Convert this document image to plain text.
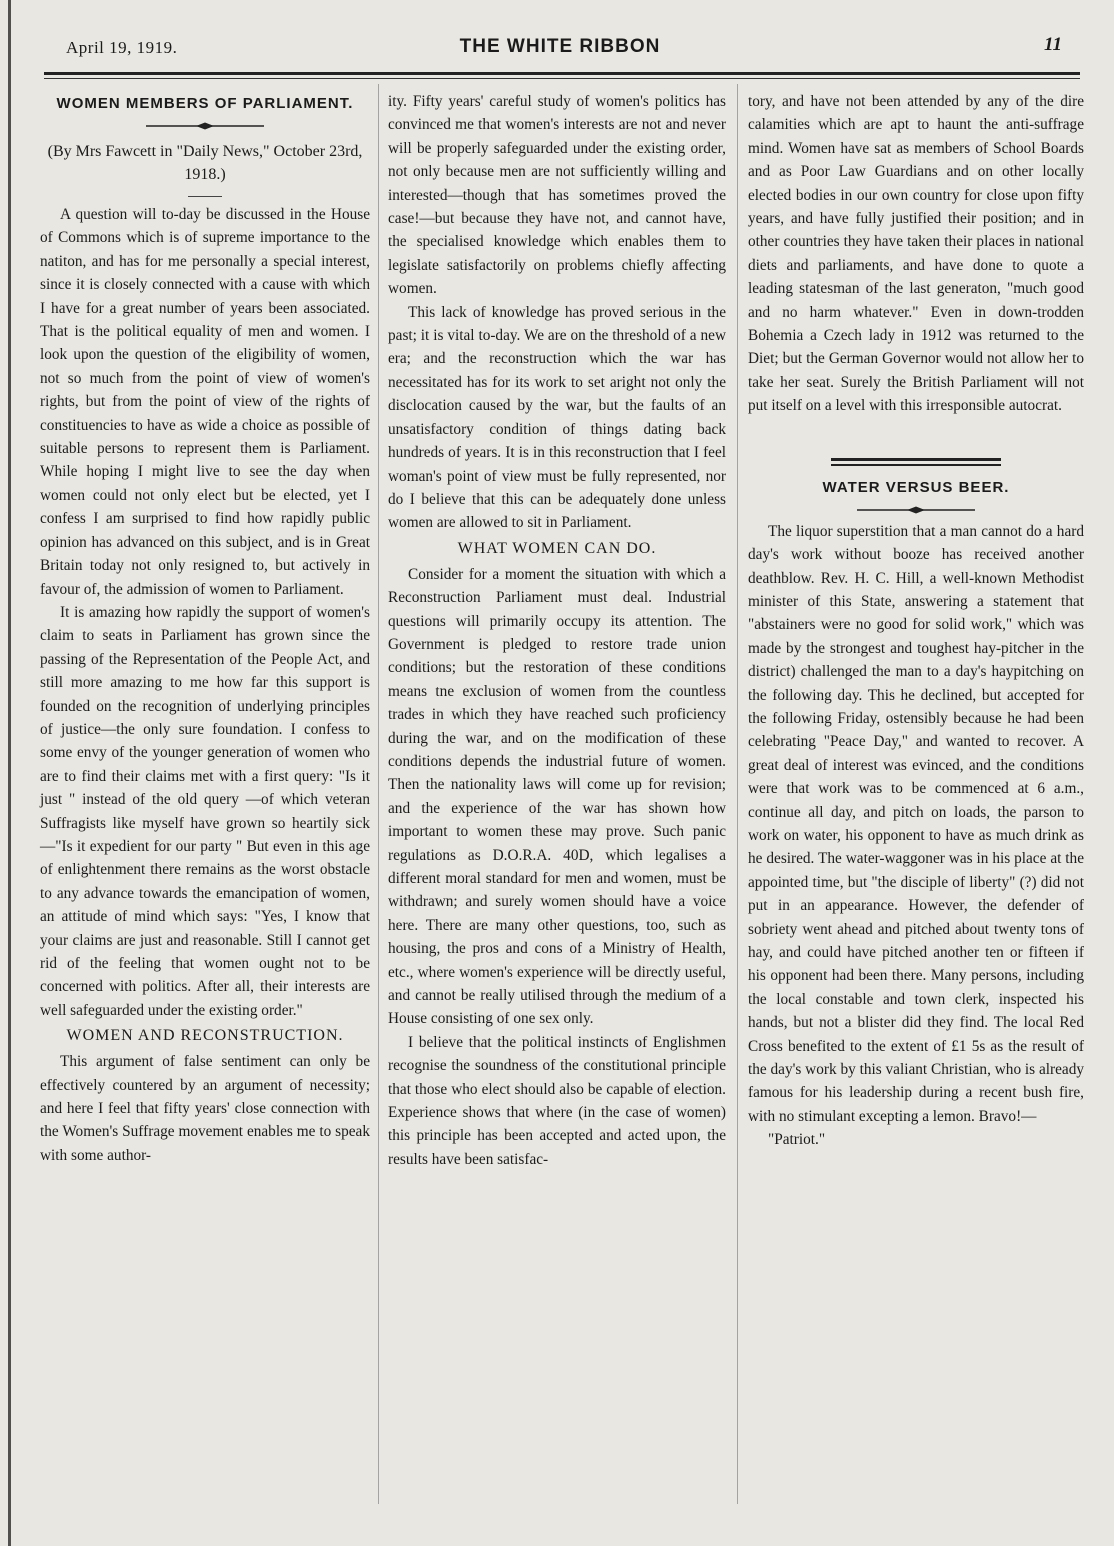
April 19, 1919.	THE WHITE RIBBON	11
WOMEN MEMBERS OF PARLIAMENT.
(By Mrs Fawcett in "Daily News," October 23rd, 1918.)

A question will to-day be discussed in the House of Commons which is of supreme importance to the natiton, and has for me personally a special interest, since it is closely connected with a cause with which I have for a great number of years been associated. That is the political equality of men and women. I look upon the question of the eligibility of women, not so much from the point of view of women's rights, but from the point of view of the rights of constituencies to have as wide a choice as possible of suitable persons to represent them is Parliament. While hoping I might live to see the day when women could not only elect but be elected, yet I confess I am surprised to find how rapidly public opinion has advanced on this subject, and is in Great Britain today not only resigned to, but actively in favour of, the admission of women to Parliament.

It is amazing how rapidly the support of women's claim to seats in Parliament has grown since the passing of the Representation of the People Act, and still more amazing to me how far this support is founded on the recognition of underlying principles of justice—the only sure foundation. I confess to some envy of the younger generation of women who are to find their claims met with a first query: "Is it just " instead of the old query —of which veteran Suffragists like myself have grown so heartily sick—"Is it expedient for our party " But even in this age of enlightenment there remains as the worst obstacle to any advance towards the emancipation of women, an attitude of mind which says: "Yes, I know that your claims are just and reasonable. Still I cannot get rid of the feeling that women ought not to be concerned with politics. After all, their interests are well safeguarded under the existing order."

WOMEN AND RECONSTRUCTION.

This argument of false sentiment can only be effectively countered by an argument of necessity; and here I feel that fifty years' close connection with the Women's Suffrage movement enables me to speak with some author-

ity. Fifty years' careful study of women's politics has convinced me that women's interests are not and never will be properly safeguarded under the existing order, not only because men are not sufficiently willing and interested—though that has sometimes proved the case!—but because they have not, and cannot have, the specialised knowledge which enables them to legislate satisfactorily on problems chiefly affecting women.

This lack of knowledge has proved serious in the past; it is vital to-day. We are on the threshold of a new era; and the reconstruction which the war has necessitated has for its work to set aright not only the disclocation caused by the war, but the faults of an unsatisfactory condition of things dating back hundreds of years. It is in this reconstruction that I feel woman's point of view must be fully represented, nor do I believe that this can be adequately done unless women are allowed to sit in Parliament.

WHAT WOMEN CAN DO.

Consider for a moment the situation with which a Reconstruction Parliament must deal. Industrial questions will primarily occupy its attention. The Government is pledged to restore trade union conditions; but the restoration of these conditions means tne exclusion of women from the countless trades in which they have reached such proficiency during the war, and on the modification of these conditions depends the industrial future of women. Then the nationality laws will come up for revision; and the experience of the war has shown how important to women these may prove. Such panic regulations as D.O.R.A. 40D, which legalises a different moral standard for men and women, must be withdrawn; and surely women should have a voice here. There are many other questions, too, such as housing, the pros and cons of a Ministry of Health, etc., where women's experience will be directly useful, and cannot be really utilised through the medium of a House consisting of one sex only.

I believe that the political instincts of Englishmen recognise the soundness of the constitutional principle that those who elect should also be capable of election. Experience shows that where (in the case of women) this principle has been accepted and acted upon, the results have been satisfac-

tory, and have not been attended by any of the dire calamities which are apt to haunt the anti-suffrage mind. Women have sat as members of School Boards and as Poor Law Guardians and on other locally elected bodies in our own country for close upon fifty years, and have fully justified their position; and in other countries they have taken their places in national diets and parliaments, and have done to quote a leading statesman of the last generaton, "much good and no harm whatever." Even in down-trodden Bohemia a Czech lady in 1912 was returned to the Diet; but the German Governor would not allow her to take her seat. Surely the British Parliament will not put itself on a level with this irresponsible autocrat.

WATER VERSUS BEER.

The liquor superstition that a man cannot do a hard day's work without booze has received another deathblow. Rev. H. C. Hill, a well-known Methodist minister of this State, answering a statement that "abstainers were no good for solid work," which was made by the strongest and toughest hay-pitcher in the district) challenged the man to a day's haypitching on the following day. This he declined, but accepted for the following Friday, ostensibly because he had been celebrating "Peace Day," and wanted to recover. A great deal of interest was evinced, and the conditions were that work was to be commenced at 6 a.m., continue all day, and pitch on loads, the parson to work on water, his opponent to have as much drink as he desired. The water-waggoner was in his place at the appointed time, but "the disciple of liberty" (?) did not put in an appearance. However, the defender of sobriety went ahead and pitched about twenty tons of hay, and could have pitched another ten or fifteen if his opponent had been there. Many persons, including the local constable and town clerk, inspected his hands, but not a blister did they find. The local Red Cross benefited to the extent of £1 5s as the result of the day's work by this valiant Christian, who is already famous for his leadership during a recent bush fire, with no stimulant excepting a lemon. Bravo!—

"Patriot."
